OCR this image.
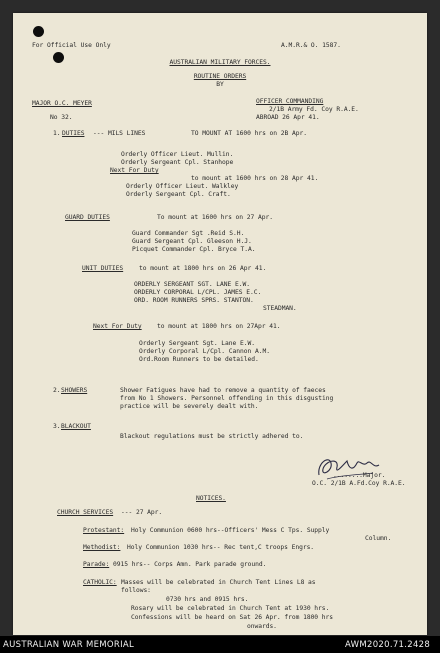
For Official Use Only	A.M.R.& O. 1587.
AUSTRALIAN MILITARY FORCES.
ROUTINE ORDERS
BY
MAJOR O.C. MEYER	OFFICER COMMANDING
2/1B Army Fd. Coy R.A.E.
No 32.	ABROAD 26 Apr 41.
1. DUTIES --- MILS LINES	TO MOUNT AT 1600 hrs on 2B Apr.
Orderly Officer Lieut. Mullin.
Orderly Sergeant Cpl. Stanhope
Next For Duty
to mount at 1600 hrs on 28 Apr 41.
Orderly Officer Lieut. Walkley
Orderly Sergeant Cpl. Craft.
GUARD DUTIES	To mount at 1600 hrs on 27 Apr.
Guard Commander Sgt .Reid S.H.
Guard Sergeant Cpl. Gleeson H.J.
Picquet Commander Cpl. Bryce T.A.
UNIT DUTIES	to mount at 1800 hrs on 26 Apr 41.
ORDERLY SERGEANT SGT. LANE E.W.
ORDERLY CORPORAL L/CPL. JAMES E.C.
ORD. ROOM RUNNERS SPRS. STANTON.
STEADMAN.
Next For Duty to mount at 1800 hrs on 27Apr 41.
Orderly Sergeant Sgt. Lane E.W.
Orderly Corporal L/Cpl. Cannon A.M.
Ord.Room Runners to be detailed.
2. SHOWERS	Shower Fatigues have had to remove a quantity of faeces
from No 1 Showers. Personnel offending in this disgusting
practice will be severely dealt with.
3. BLACKOUT
Blackout regulations must be strictly adhered to.
........Major.
O.C. 2/1B A.Fd.Coy R.A.E.
NOTICES.
CHURCH SERVICES --- 27 Apr.
Protestant: Holy Communion 0600 hrs--Officers' Mess C Tps. Supply
Column.
Methodist: Holy Communion 1030 hrs-- Rec tent,C troops Engrs.
Parade: 0915 hrs-- Corps Amn. Park parade ground.
CATHOLIC: Masses will be celebrated in Church Tent Lines L8 as
follows:
0730 hrs and 0915 hrs.
Rosary will be celebrated in Church Tent at 1930 hrs.
Confessions will be heard on Sat 26 Apr. from 1800 hrs
onwards.
AUSTRALIAN WAR MEMORIAL	AWM2020.71.2428
